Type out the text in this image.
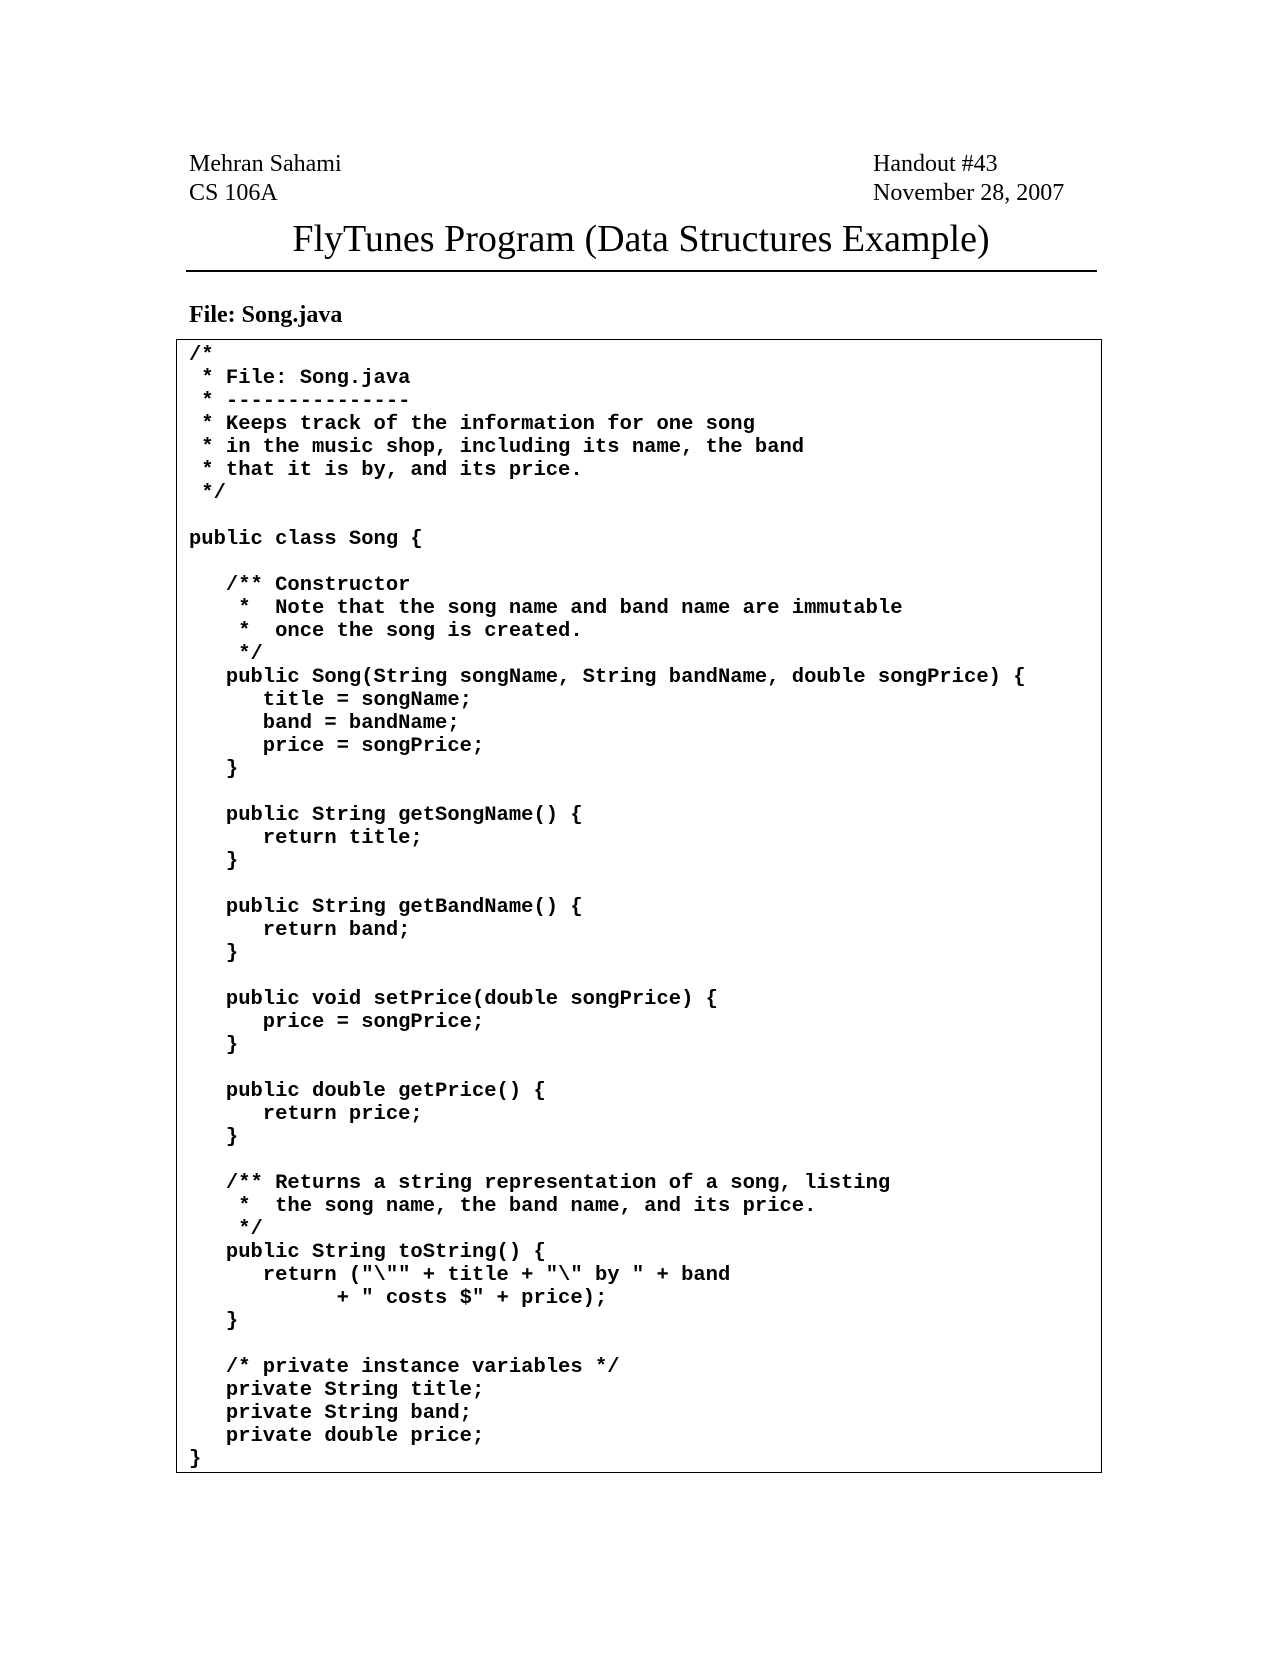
Mehran Sahami
CS 106A
Handout #43
November 28, 2007
FlyTunes Program (Data Structures Example)
File: Song.java
/*
* File: Song.java
* ---------------
* Keeps track of the information for one song
* in the music shop, including its name, the band
* that it is by, and its price.
*/

public class Song {

/** Constructor
*  Note that the song name and band name are immutable
*  once the song is created.
*/
public Song(String songName, String bandName, double songPrice) {
title = songName;
band = bandName;
price = songPrice;
}

public String getSongName() {
return title;
}

public String getBandName() {
return band;
}

public void setPrice(double songPrice) {
price = songPrice;
}

public double getPrice() {
return price;
}

/** Returns a string representation of a song, listing
*  the song name, the band name, and its price.
*/
public String toString() {
return ("\"" + title + "\" by " + band
+ " costs $" + price);
}

/* private instance variables */
private String title;
private String band;
private double price;
}
